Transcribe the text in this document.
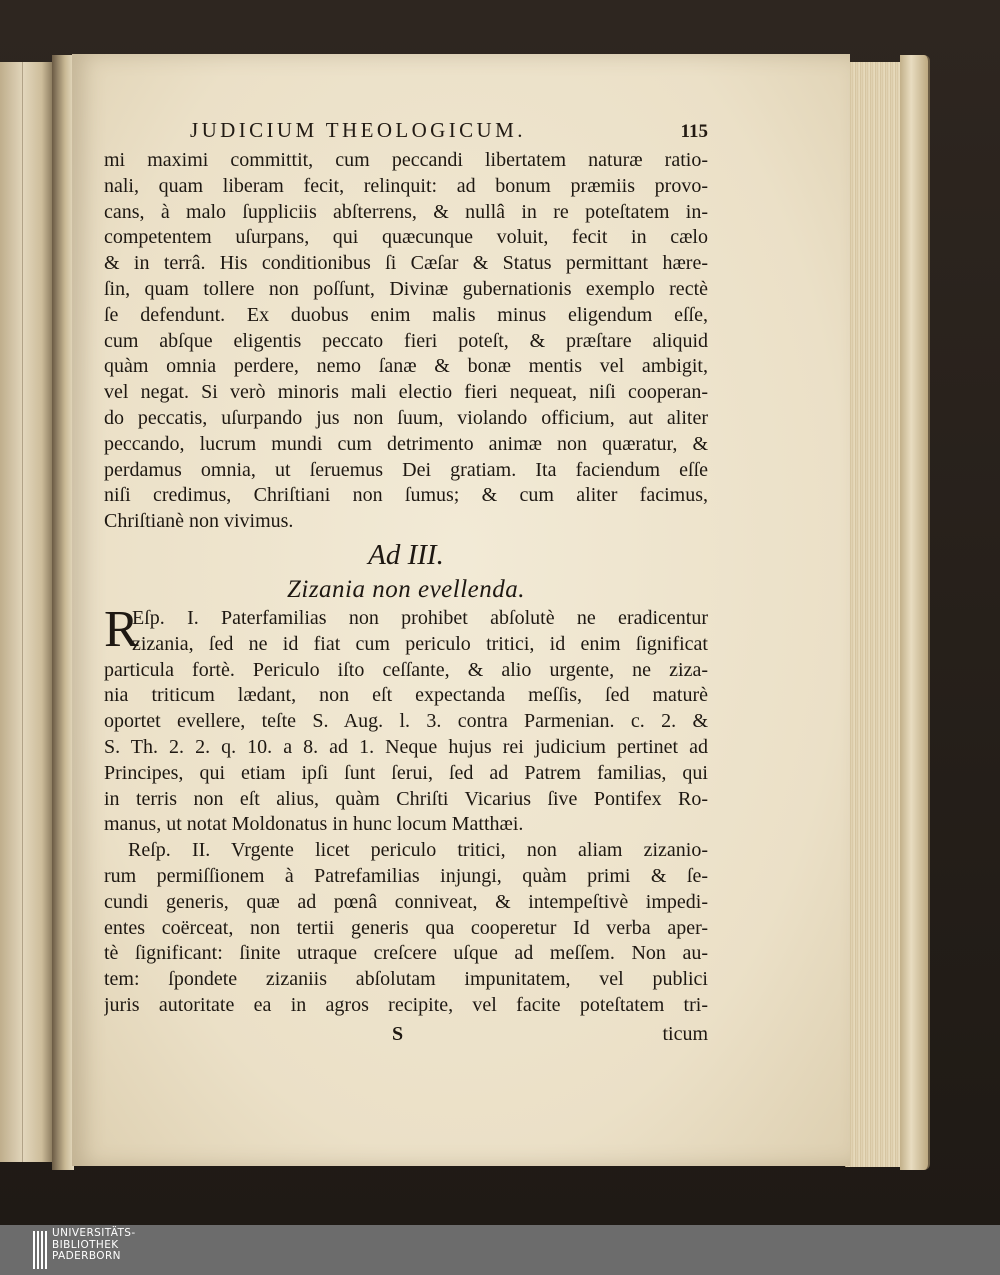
JUDICIUM THEOLOGICUM.	115
mi maximi committit, cum peccandi libertatem naturæ ratio-
nali, quam liberam fecit, relinquit: ad bonum præmiis provo-
cans, à malo ſuppliciis abſterrens, & nullâ in re poteſtatem in-
competentem uſurpans, qui quæcunque voluit, fecit in cælo
& in terrâ. His conditionibus ſi Cæſar & Status permittant hære-
ſin, quam tollere non poſſunt, Divinæ gubernationis exemplo rectè
ſe defendunt. Ex duobus enim malis minus eligendum eſſe,
cum abſque eligentis peccato fieri poteſt, & præſtare aliquid
quàm omnia perdere, nemo ſanæ & bonæ mentis vel ambigit,
vel negat. Si verò minoris mali electio fieri nequeat, niſi cooperan-
do peccatis, uſurpando jus non ſuum, violando officium, aut aliter
peccando, lucrum mundi cum detrimento animæ non quæratur, &
perdamus omnia, ut ſeruemus Dei gratiam. Ita faciendum eſſe
niſi credimus, Chriſtiani non ſumus; & cum aliter facimus,
Chriſtianè non vivimus.
Ad III.
Zizania non evellenda.
R
Eſp. I. Paterfamilias non prohibet abſolutè ne eradicentur
zizania, ſed ne id fiat cum periculo tritici, id enim ſignificat
particula fortè. Periculo iſto ceſſante, & alio urgente, ne ziza-
nia triticum lædant, non eſt expectanda meſſis, ſed maturè
oportet evellere, teſte S. Aug. l. 3. contra Parmenian. c. 2. &
S. Th. 2. 2. q. 10. a 8. ad 1. Neque hujus rei judicium pertinet ad
Principes, qui etiam ipſi ſunt ſerui, ſed ad Patrem familias, qui
in terris non eſt alius, quàm Chriſti Vicarius ſive Pontifex Ro-
manus, ut notat Moldonatus in hunc locum Matthæi.
Reſp. II. Vrgente licet periculo tritici, non aliam zizanio-
rum permiſſionem à Patrefamilias injungi, quàm primi & ſe-
cundi generis, quæ ad pœnâ conniveat, & intempeſtivè impedi-
entes coërceat, non tertii generis qua cooperetur Id verba aper-
tè ſignificant: ſinite utraque creſcere uſque ad meſſem. Non au-
tem: ſpondete zizaniis abſolutam impunitatem, vel publici
juris autoritate ea in agros recipite, vel facite poteſtatem tri-
S	ticum
UNIVERSITÄTS-
BIBLIOTHEK
PADERBORN
